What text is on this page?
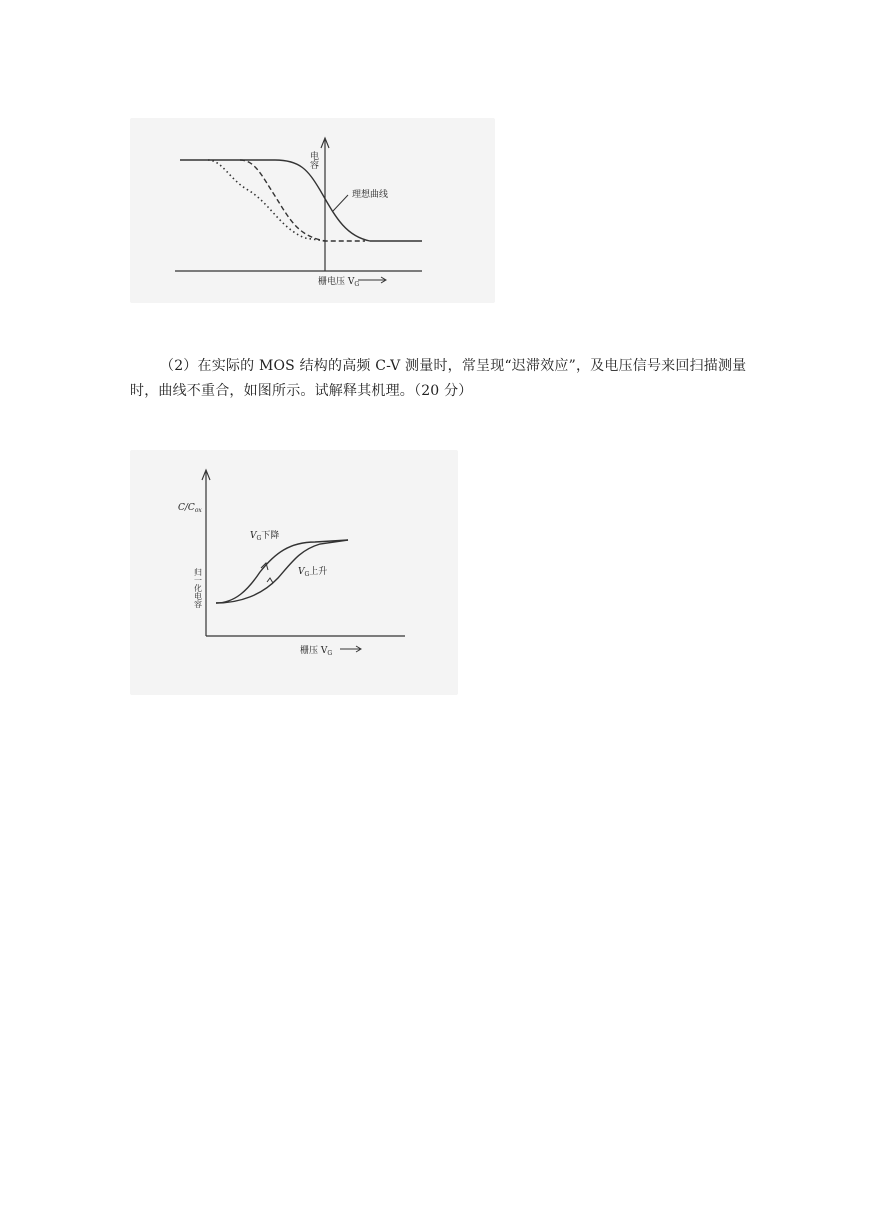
电容
理想曲线
栅电压 $V_G$
（2）在实际的 MOS 结构的高频 C-V 测量时，常呈现“迟滞效应”，及电压信号来回扫描测量时，曲线不重合，如图所示。试解释其机理。（20 分）
$C/C_{ox}$
归一化电容
$V_G$下降
$V_G$上升
栅压 $V_G$
